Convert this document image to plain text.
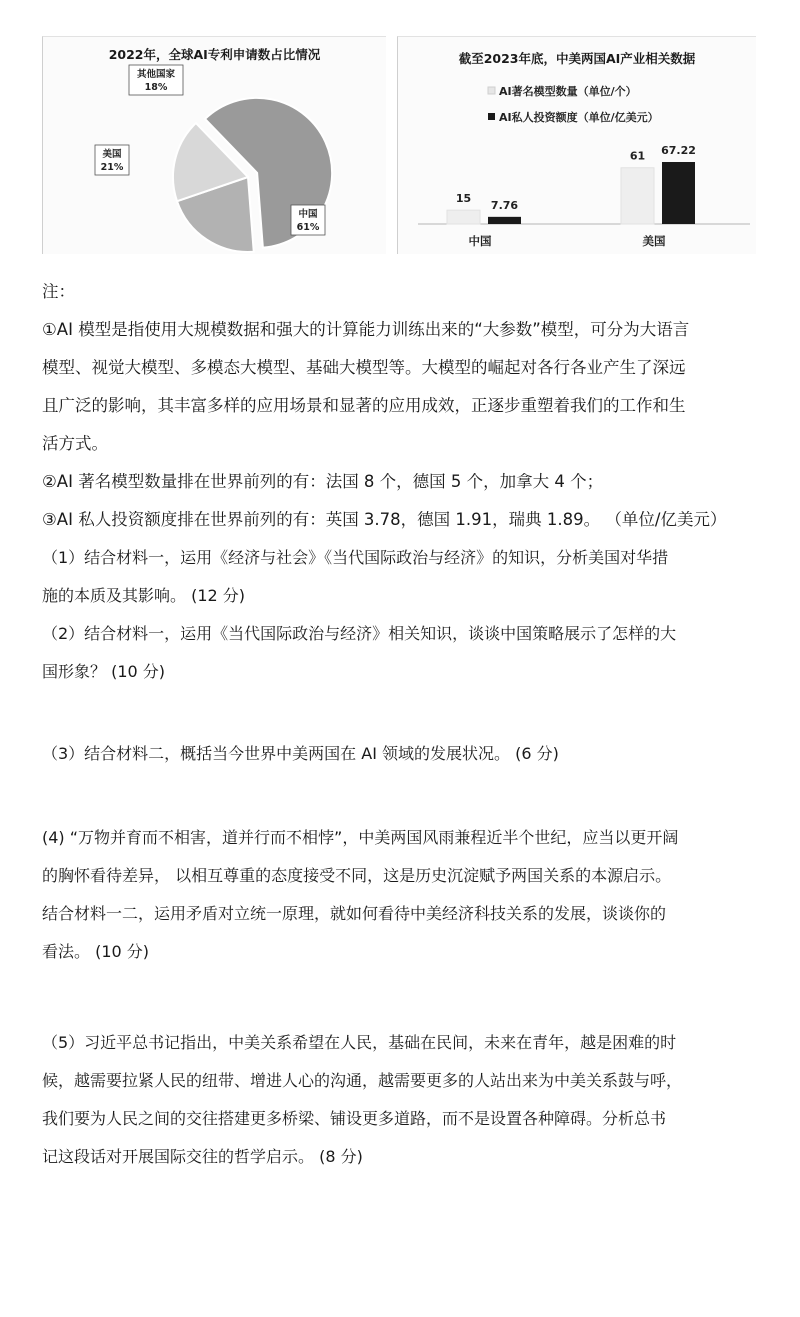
2022年，全球AI专利申请数占比情况
中国
61%
美国
21%
其他国家
18%
截至2023年底，中美两国AI产业相关数据
AI著名模型数量（单位/个）
AI私人投资额度（单位/亿美元）
15
7.76
中国
61 67.22
美国
注：
①AI 模型是指使用大规模数据和强大的计算能力训练出来的“大参数”模型，可分为大语言
模型、视觉大模型、多模态大模型、基础大模型等。大模型的崛起对各行各业产生了深远
且广泛的影响，其丰富多样的应用场景和显著的应用成效，正逐步重塑着我们的工作和生
活方式。
②AI 著名模型数量排在世界前列的有：法国 8 个，德国 5 个，加拿大 4 个；
③AI 私人投资额度排在世界前列的有：英国 3.78，德国 1.91，瑞典 1.89。 （单位/亿美元）
（1）结合材料一，运用《经济与社会》《当代国际政治与经济》的知识，分析美国对华措
施的本质及其影响。 (12 分)
（2）结合材料一，运用《当代国际政治与经济》相关知识，谈谈中国策略展示了怎样的大
国形象？ (10 分)
（3）结合材料二，概括当今世界中美两国在 AI 领域的发展状况。 (6 分)
(4) “万物并育而不相害，道并行而不相悖”，中美两国风雨兼程近半个世纪，应当以更开阔
的胸怀看待差异， 以相互尊重的态度接受不同，这是历史沉淀赋予两国关系的本源启示。
结合材料一二，运用矛盾对立统一原理，就如何看待中美经济科技关系的发展，谈谈你的
看法。 (10 分)
（5）习近平总书记指出，中美关系希望在人民，基础在民间，未来在青年，越是困难的时
候，越需要拉紧人民的纽带、增进人心的沟通，越需要更多的人站出来为中美关系鼓与呼，
我们要为人民之间的交往搭建更多桥梁、铺设更多道路，而不是设置各种障碍。分析总书
记这段话对开展国际交往的哲学启示。 (8 分)
